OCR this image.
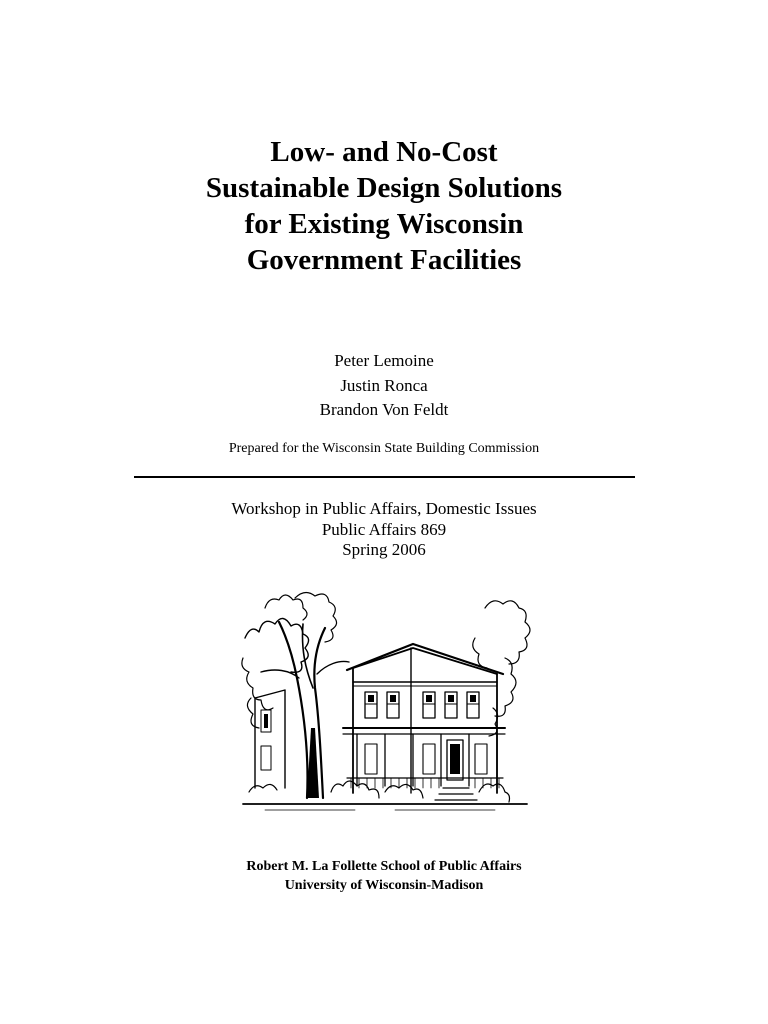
Low- and No-Cost
Sustainable Design Solutions
for Existing Wisconsin
Government Facilities
Peter Lemoine
Justin Ronca
Brandon Von Feldt
Prepared for the Wisconsin State Building Commission
Workshop in Public Affairs, Domestic Issues
Public Affairs 869
Spring 2006
Robert M. La Follette School of Public Affairs
University of Wisconsin-Madison
